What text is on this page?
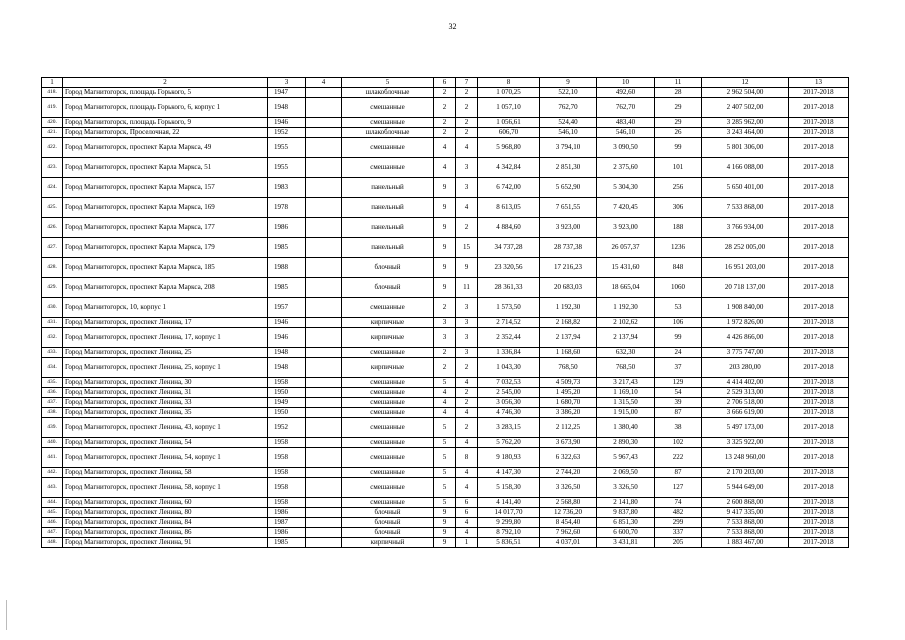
32
1	2	3	4	5	6	7	8	9	10	11	12	13
418.	Город Магнитогорск, площадь Горького, 5	1947		шлакоблочные	2	2	1 070,25	522,10	492,60	28	2 962 504,00	2017-2018
419.	Город Магнитогорск, площадь Горького, 6, корпус 1	1948		смешанные	2	2	1 057,10	762,70	762,70	29	2 407 502,00	2017-2018
420.	Город Магнитогорск, площадь Горького, 9	1946		смешанные	2	2	1 056,61	524,40	483,40	29	3 285 962,00	2017-2018
421.	Город Магнитогорск, Проселочная, 22	1952		шлакоблочные	2	2	606,70	546,10	546,10	26	3 243 464,00	2017-2018
422.	Город Магнитогорск, проспект Карла Маркса, 49	1955		смешанные	4	4	5 968,80	3 794,10	3 090,50	99	5 801 306,00	2017-2018
423.	Город Магнитогорск, проспект Карла Маркса, 51	1955		смешанные	4	3	4 342,84	2 851,30	2 375,60	101	4 166 088,00	2017-2018
424.	Город Магнитогорск, проспект Карла Маркса, 157	1983		панельный	9	3	6 742,00	5 652,90	5 304,30	256	5 650 401,00	2017-2018
425.	Город Магнитогорск, проспект Карла Маркса, 169	1978		панельный	9	4	8 613,05	7 651,55	7 420,45	306	7 533 868,00	2017-2018
426.	Город Магнитогорск, проспект Карла Маркса, 177	1986		панельный	9	2	4 884,60	3 923,00	3 923,00	188	3 766 934,00	2017-2018
427.	Город Магнитогорск, проспект Карла Маркса, 179	1985		панельный	9	15	34 737,28	28 737,38	26 057,37	1236	28 252 005,00	2017-2018
428.	Город Магнитогорск, проспект Карла Маркса, 185	1988		блочный	9	9	23 320,56	17 216,23	15 431,60	848	16 951 203,00	2017-2018
429.	Город Магнитогорск, проспект Карла Маркса, 208	1985		блочный	9	11	28 361,33	20 683,03	18 665,04	1060	20 718 137,00	2017-2018
430.	Город Магнитогорск, 10, корпус 1	1957		смешанные	2	3	1 573,50	1 192,30	1 192,30	53	1 908 840,00	2017-2018
431.	Город Магнитогорск, проспект Ленина, 17	1946		кирпичные	3	3	2 714,52	2 168,82	2 102,62	106	1 972 826,00	2017-2018
432.	Город Магнитогорск, проспект Ленина, 17, корпус 1	1946		кирпичные	3	3	2 352,44	2 137,94	2 137,94	99	4 426 866,00	2017-2018
433.	Город Магнитогорск, проспект Ленина, 25	1948		смешанные	2	3	1 336,84	1 168,60	632,30	24	3 775 747,00	2017-2018
434.	Город Магнитогорск, проспект Ленина, 25, корпус 1	1948		кирпичные	2	2	1 043,30	768,50	768,50	37	203 280,00	2017-2018
435.	Город Магнитогорск, проспект Ленина, 30	1958		смешанные	5	4	7 032,53	4 509,73	3 217,43	129	4 414 402,00	2017-2018
436.	Город Магнитогорск, проспект Ленина, 31	1950		смешанные	4	2	2 545,00	1 495,20	1 169,10	54	2 529 313,00	2017-2018
437.	Город Магнитогорск, проспект Ленина, 33	1949		смешанные	4	2	3 056,30	1 680,70	1 315,50	39	2 706 518,00	2017-2018
438.	Город Магнитогорск, проспект Ленина, 35	1950		смешанные	4	4	4 746,30	3 386,20	1 915,00	87	3 666 619,00	2017-2018
439.	Город Магнитогорск, проспект Ленина, 43, корпус 1	1952		смешанные	5	2	3 283,15	2 112,25	1 380,40	38	5 497 173,00	2017-2018
440.	Город Магнитогорск, проспект Ленина, 54	1958		смешанные	5	4	5 762,20	3 673,90	2 890,30	102	3 325 922,00	2017-2018
441.	Город Магнитогорск, проспект Ленина, 54, корпус 1	1958		смешанные	5	8	9 180,93	6 322,63	5 967,43	222	13 248 960,00	2017-2018
442.	Город Магнитогорск, проспект Ленина, 58	1958		смешанные	5	4	4 147,30	2 744,20	2 069,50	87	2 170 203,00	2017-2018
443.	Город Магнитогорск, проспект Ленина, 58, корпус 1	1958		смешанные	5	4	5 158,30	3 326,50	3 326,50	127	5 944 649,00	2017-2018
444.	Город Магнитогорск, проспект Ленина, 60	1958		смешанные	5	6	4 141,40	2 568,80	2 141,80	74	2 600 868,00	2017-2018
445.	Город Магнитогорск, проспект Ленина, 80	1986		блочный	9	6	14 017,70	12 736,20	9 837,80	482	9 417 335,00	2017-2018
446.	Город Магнитогорск, проспект Ленина, 84	1987		блочный	9	4	9 299,80	8 454,40	6 851,30	299	7 533 868,00	2017-2018
447.	Город Магнитогорск, проспект Ленина, 86	1986		блочный	9	4	8 792,10	7 962,60	6 600,70	337	7 533 868,00	2017-2018
448.	Город Магнитогорск, проспект Ленина, 91	1985		кирпичный	9	1	5 836,51	4 037,01	3 431,81	205	1 883 467,00	2017-2018
